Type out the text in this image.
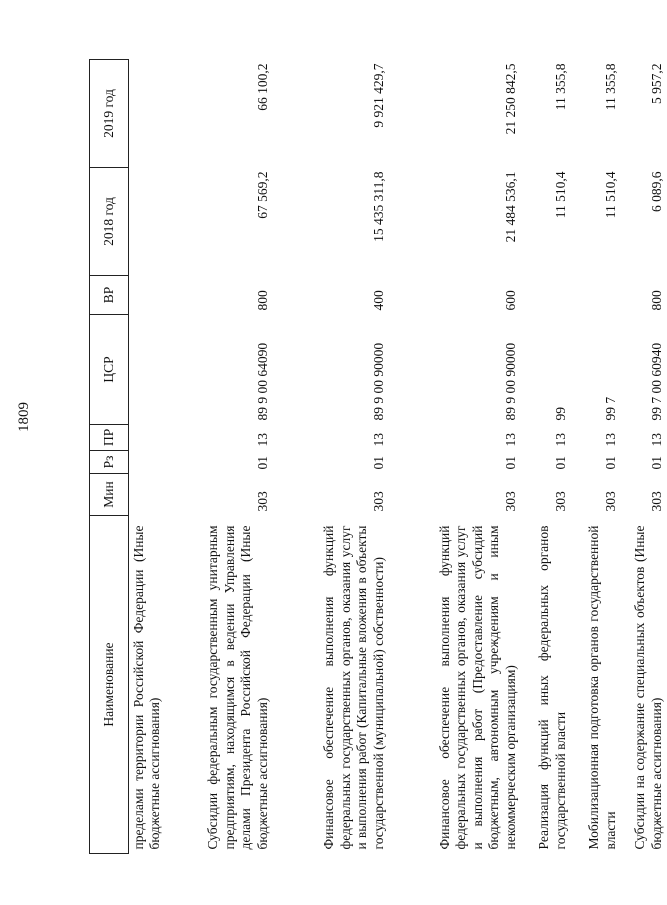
1809
Наименование	Мин	Рз	ПР	ЦСР	ВР	2018 год	2019 год
пределами территории Российской Федерации (Иные бюджетные ассигнования)							
Субсидии федеральным государственным унитарным предприятиям, находящимся в ведении Управления делами Президента Российской Федерации (Иные бюджетные ассигнования)	303	01	13	89 9 00 64090	800	67 569,2	66 100,2
Финансовое обеспечение выполнения функций федеральных государственных органов, оказания услуг и выполнения работ (Капитальные вложения в объекты государственной (муниципальной) собственности)	303	01	13	89 9 00 90000	400	15 435 311,8	9 921 429,7
Финансовое обеспечение выполнения функций федеральных государственных органов, оказания услуг и выполнения работ (Предоставление субсидий бюджетным, автономным учреждениям и иным некоммерческим организациям)	303	01	13	89 9 00 90000	600	21 484 536,1	21 250 842,5
Реализация функций иных федеральных органов государственной власти	303	01	13	99		11 510,4	11 355,8
Мобилизационная подготовка органов государственной власти	303	01	13	99 7		11 510,4	11 355,8
Субсидии на содержание специальных объектов (Иные бюджетные ассигнования)	303	01	13	99 7 00 60940	800	6 089,6	5 957,2
